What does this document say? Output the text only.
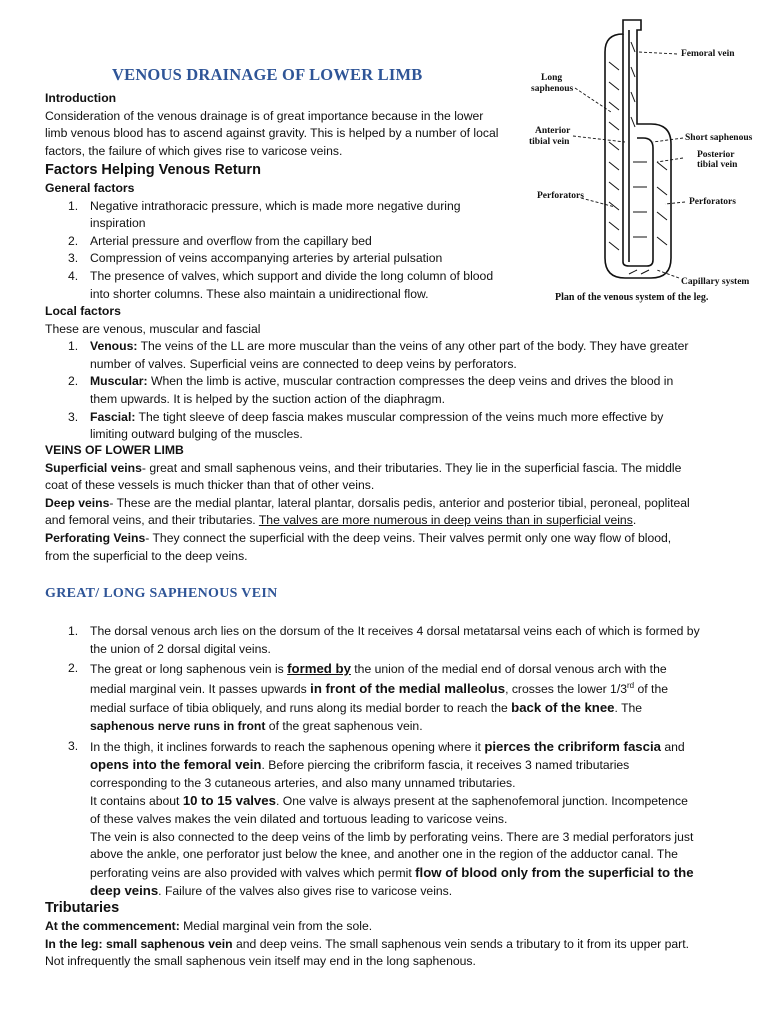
VENOUS DRAINAGE OF LOWER LIMB
Introduction
Consideration of the venous drainage is of great importance because in the lower
limb venous blood has to ascend against gravity. This is helped by a number of local
factors, the failure of which gives rise to varicose veins.
Factors Helping Venous Return
General factors
1. Negative intrathoracic pressure, which is made more negative during
inspiration
2. Arterial pressure and overflow from the capillary bed
3. Compression of veins accompanying arteries by arterial pulsation
4. The presence of valves, which support and divide the long column of blood
into shorter columns. These also maintain a unidirectional flow.
Local factors
These are venous, muscular and fascial
1. Venous: The veins of the LL are more muscular than the veins of any other part of the body. They have greater
number of valves. Superficial veins are connected to deep veins by perforators.
2. Muscular: When the limb is active, muscular contraction compresses the deep veins and drives the blood in
them upwards. It is helped by the suction action of the diaphragm.
3. Fascial: The tight sleeve of deep fascia makes muscular compression of the veins much more effective by
limiting outward bulging of the muscles.
VEINS OF LOWER LIMB
Superficial veins- great and small saphenous veins, and their tributaries. They lie in the superficial fascia. The middle
coat of these vessels is much thicker than that of other veins.
Deep veins- These are the medial plantar, lateral plantar, dorsalis pedis, anterior and posterior tibial, peroneal, popliteal
and femoral veins, and their tributaries. The valves are more numerous in deep veins than in superficial veins.
Perforating Veins- They connect the superficial with the deep veins. Their valves permit only one way flow of blood,
from the superficial to the deep veins.
GREAT/ LONG SAPHENOUS VEIN
1. The dorsal venous arch lies on the dorsum of the It receives 4 dorsal metatarsal veins each of which is formed by
the union of 2 dorsal digital veins.
2. The great or long saphenous vein is formed by the union of the medial end of dorsal venous arch with the
medial marginal vein. It passes upwards in front of the medial malleolus, crosses the lower 1/3rd of the
medial surface of tibia obliquely, and runs along its medial border to reach the back of the knee. The
saphenous nerve runs in front of the great saphenous vein.
3. In the thigh, it inclines forwards to reach the saphenous opening where it pierces the cribriform fascia and
opens into the femoral vein. Before piercing the cribriform fascia, it receives 3 named tributaries
corresponding to the 3 cutaneous arteries, and also many unnamed tributaries.
It contains about 10 to 15 valves. One valve is always present at the saphenofemoral junction. Incompetence
of these valves makes the vein dilated and tortuous leading to varicose veins.
The vein is also connected to the deep veins of the limb by perforating veins. There are 3 medial perforators just
above the ankle, one perforator just below the knee, and another one in the region of the adductor canal. The
perforating veins are also provided with valves which permit flow of blood only from the superficial to the
deep veins. Failure of the valves also gives rise to varicose veins.
Tributaries
At the commencement: Medial marginal vein from the sole.
In the leg: small saphenous vein and deep veins. The small saphenous vein sends a tributary to it from its upper part.
Not infrequently the small saphenous vein itself may end in the long saphenous.
Femoral vein
Long
saphenous
Anterior
tibial vein	Short saphenous
Posterior
tibial vein
Perforators
Perforators
Capillary system
Plan of the venous system of the leg.
